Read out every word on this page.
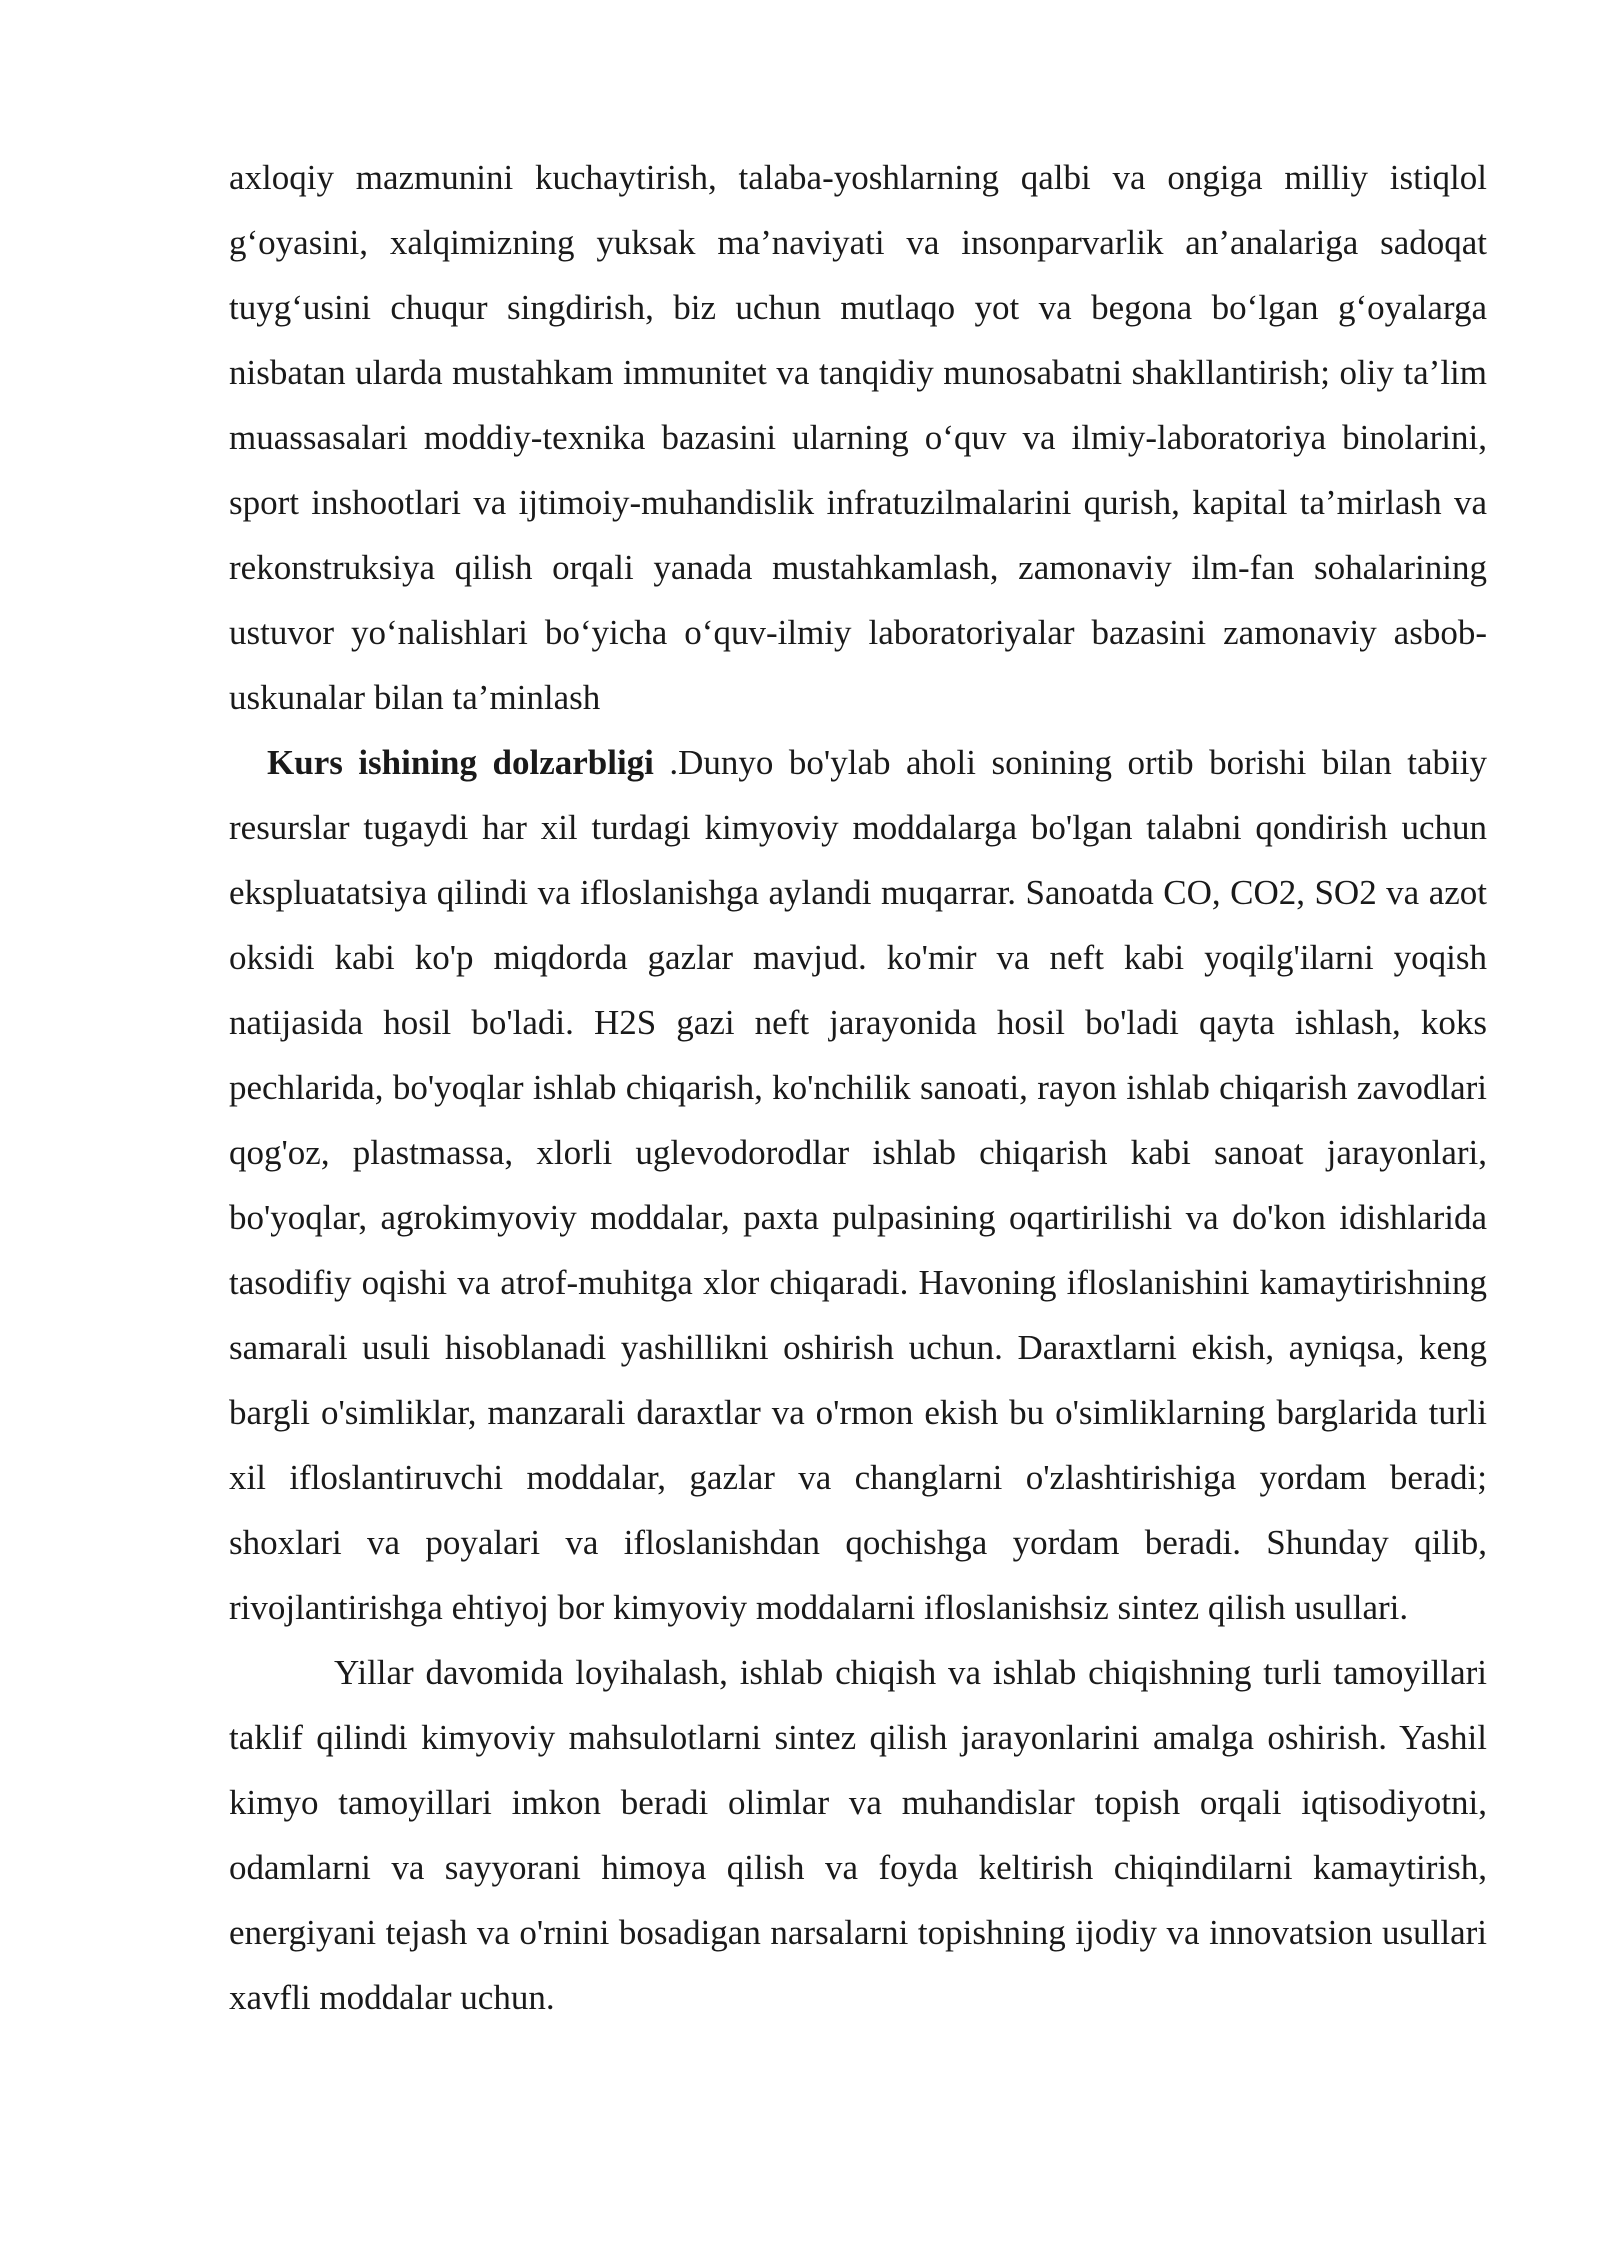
axloqiy mazmunini kuchaytirish, talaba-yoshlarning qalbi va ongiga milliy istiqlol g‘oyasini, xalqimizning yuksak ma’naviyati va insonparvarlik an’analariga sadoqat tuyg‘usini chuqur singdirish, biz uchun mutlaqo yot va begona bo‘lgan g‘oyalarga nisbatan ularda mustahkam immunitet va tanqidiy munosabatni shakllantirish; oliy ta’lim muassasalari moddiy-texnika bazasini ularning o‘quv va ilmiy-laboratoriya binolarini, sport inshootlari va ijtimoiy-muhandislik infratuzilmalarini qurish, kapital ta’mirlash va rekonstruksiya qilish orqali yanada mustahkamlash, zamonaviy ilm-fan sohalarining ustuvor yo‘nalishlari bo‘yicha o‘quv-ilmiy laboratoriyalar bazasini zamonaviy asbob-uskunalar bilan ta’minlash

Kurs ishining dolzarbligi .Dunyo bo'ylab aholi sonining ortib borishi bilan tabiiy resurslar tugaydi har xil turdagi kimyoviy moddalarga bo'lgan talabni qondirish uchun ekspluatatsiya qilindi va ifloslanishga aylandi muqarrar. Sanoatda CO, CO2, SO2 va azot oksidi kabi ko'p miqdorda gazlar mavjud. ko'mir va neft kabi yoqilg'ilarni yoqish natijasida hosil bo'ladi. H2S gazi neft jarayonida hosil bo'ladi qayta ishlash, koks pechlarida, bo'yoqlar ishlab chiqarish, ko'nchilik sanoati, rayon ishlab chiqarish zavodlari qog'oz, plastmassa, xlorli uglevodorodlar ishlab chiqarish kabi sanoat jarayonlari, bo'yoqlar, agrokimyoviy moddalar, paxta pulpasining oqartirilishi va do'kon idishlarida tasodifiy oqishi va atrof-muhitga xlor chiqaradi. Havoning ifloslanishini kamaytirishning samarali usuli hisoblanadi yashillikni oshirish uchun. Daraxtlarni ekish, ayniqsa, keng bargli o'simliklar, manzarali daraxtlar va o'rmon ekish bu o'simliklarning barglarida turli xil ifloslantiruvchi moddalar, gazlar va changlarni o'zlashtirishiga yordam beradi; shoxlari va poyalari va ifloslanishdan qochishga yordam beradi. Shunday qilib, rivojlantirishga ehtiyoj bor kimyoviy moddalarni ifloslanishsiz sintez qilish usullari.

Yillar davomida loyihalash, ishlab chiqish va ishlab chiqishning turli tamoyillari taklif qilindi kimyoviy mahsulotlarni sintez qilish jarayonlarini amalga oshirish. Yashil kimyo tamoyillari imkon beradi olimlar va muhandislar topish orqali iqtisodiyotni, odamlarni va sayyorani himoya qilish va foyda keltirish chiqindilarni kamaytirish, energiyani tejash va o'rnini bosadigan narsalarni topishning ijodiy va innovatsion usullari xavfli moddalar uchun.
